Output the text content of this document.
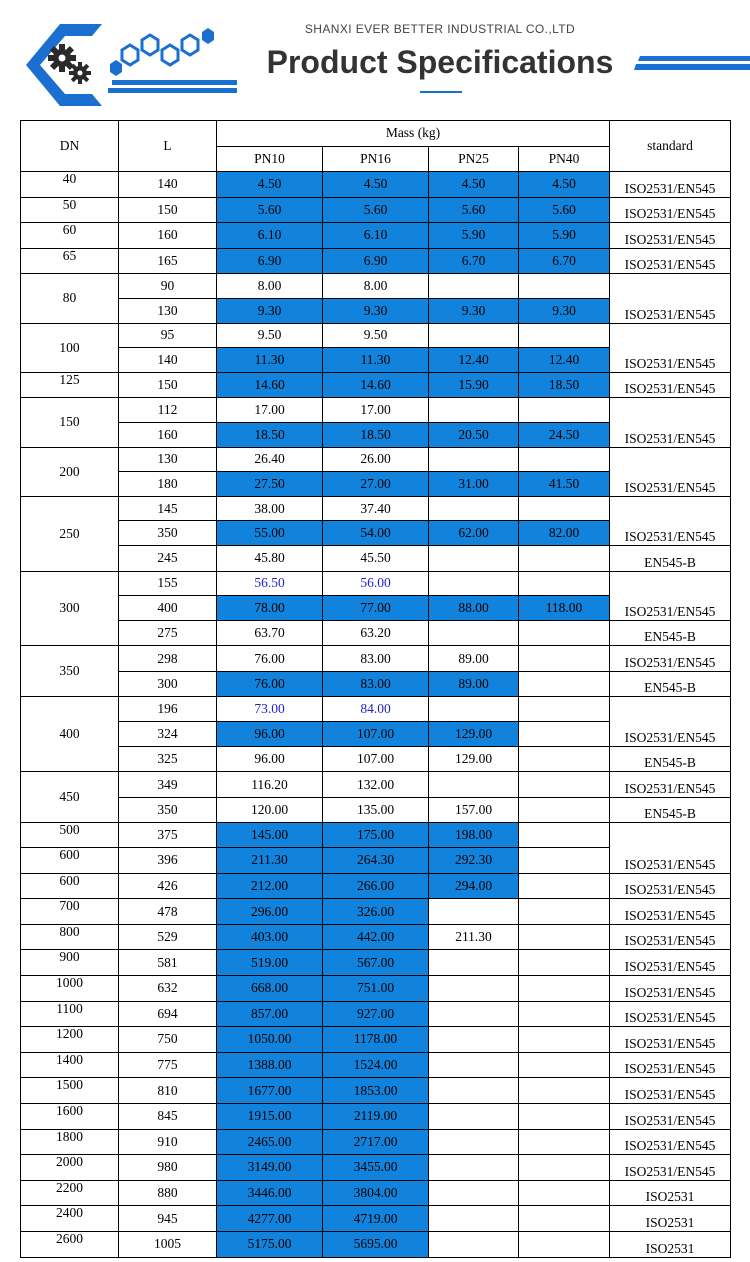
SHANXI EVER BETTER INDUSTRIAL CO.,LTD
Product Specifications
DN	L	Mass (kg)				standard	
		PN10	PN16	PN25	PN40		
40	140	4.50	4.50	4.50	4.50	ISO2531/EN545	
50	150	5.60	5.60	5.60	5.60	ISO2531/EN545	
60	160	6.10	6.10	5.90	5.90	ISO2531/EN545	
65	165	6.90	6.90	6.70	6.70	ISO2531/EN545	
80	90	8.00	8.00			ISO2531/EN545	
	130	9.30	9.30	9.30	9.30		
100	95	9.50	9.50			ISO2531/EN545	
	140	11.30	11.30	12.40	12.40		
125	150	14.60	14.60	15.90	18.50	ISO2531/EN545	
150	112	17.00	17.00			ISO2531/EN545	
	160	18.50	18.50	20.50	24.50		
200	130	26.40	26.00			ISO2531/EN545	
	180	27.50	27.00	31.00	41.50		
250	145	38.00	37.40			ISO2531/EN545	
	350	55.00	54.00	62.00	82.00		
	245	45.80	45.50			EN545-B	
300	155	56.50	56.00			ISO2531/EN545	
	400	78.00	77.00	88.00	118.00		
	275	63.70	63.20			EN545-B	
350	298	76.00	83.00	89.00		ISO2531/EN545	
	300	76.00	83.00	89.00		EN545-B	
400	196	73.00	84.00			ISO2531/EN545	
	324	96.00	107.00	129.00			
	325	96.00	107.00	129.00		EN545-B	
450	349	116.20	132.00			ISO2531/EN545	
	350	120.00	135.00	157.00		EN545-B	
500	375	145.00	175.00	198.00		ISO2531/EN545	
600	396	211.30	264.30	292.30			
600	426	212.00	266.00	294.00		ISO2531/EN545	
700	478	296.00	326.00			ISO2531/EN545	
800	529	403.00	442.00	211.30		ISO2531/EN545	
900	581	519.00	567.00			ISO2531/EN545	
1000	632	668.00	751.00			ISO2531/EN545	
1100	694	857.00	927.00			ISO2531/EN545	
1200	750	1050.00	1178.00			ISO2531/EN545	
1400	775	1388.00	1524.00			ISO2531/EN545	
1500	810	1677.00	1853.00			ISO2531/EN545	
1600	845	1915.00	2119.00			ISO2531/EN545	
1800	910	2465.00	2717.00			ISO2531/EN545	
2000	980	3149.00	3455.00			ISO2531/EN545	
2200	880	3446.00	3804.00			ISO2531	
2400	945	4277.00	4719.00			ISO2531	
2600	1005	5175.00	5695.00			ISO2531	
